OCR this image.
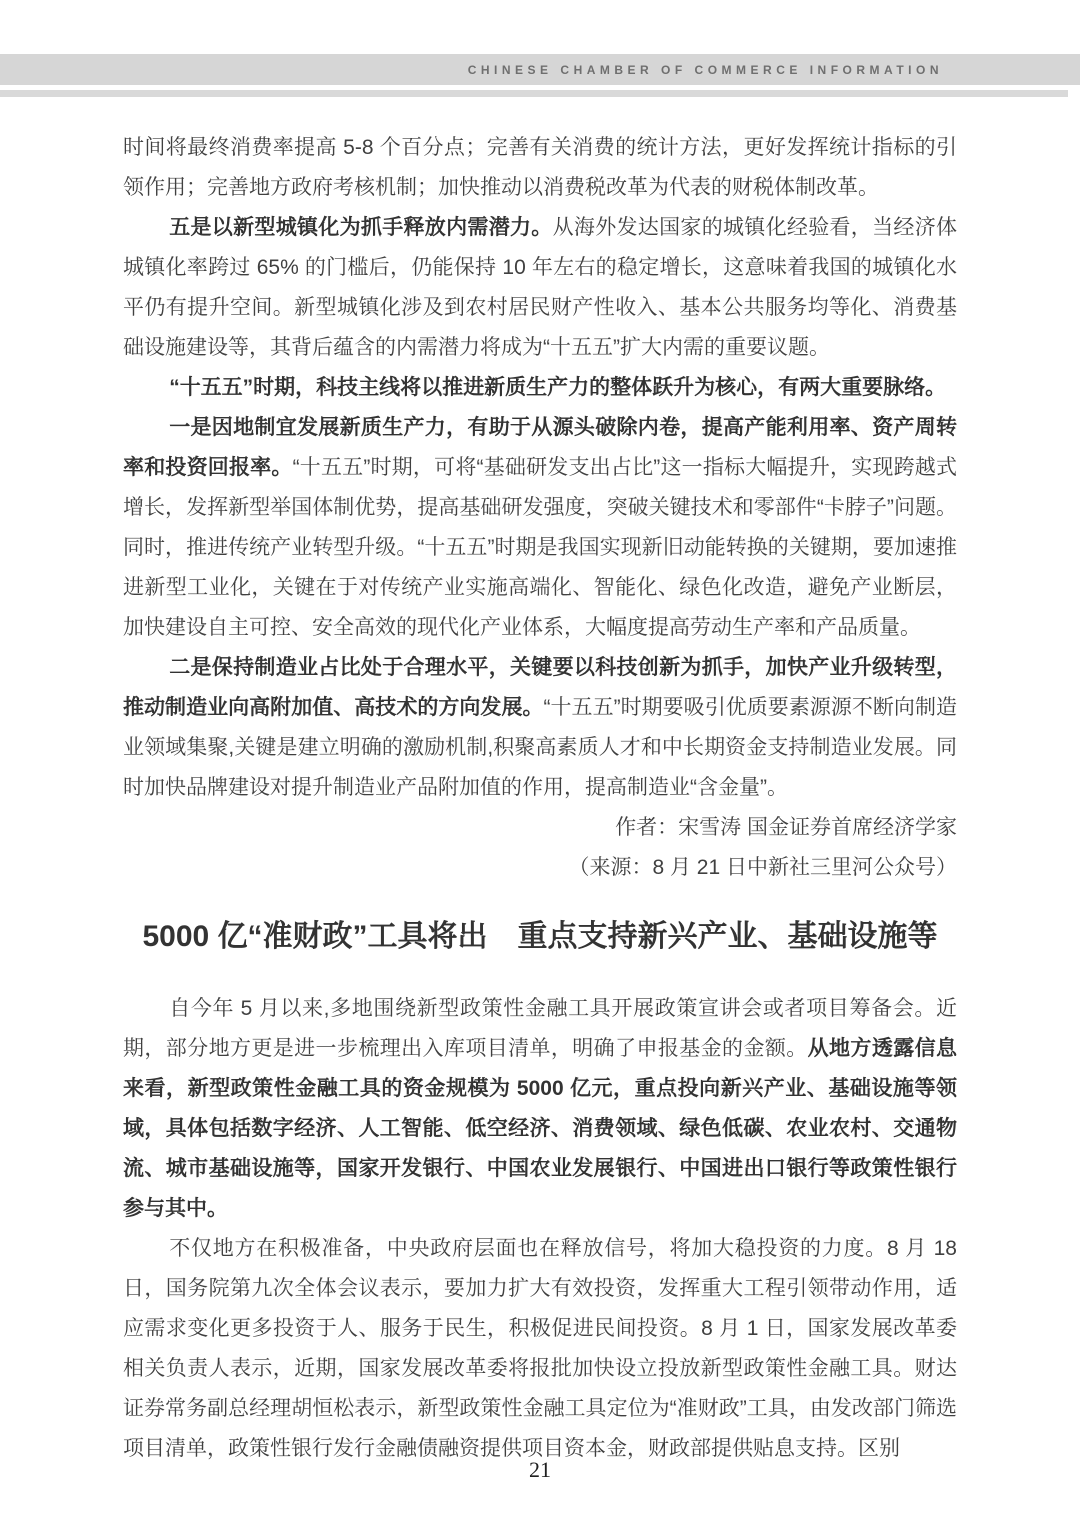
CHINESE CHAMBER OF COMMERCE INFORMATION

时间将最终消费率提高 5-8 个百分点；完善有关消费的统计方法，更好发挥统计指标的引领作用；完善地方政府考核机制；加快推动以消费税改革为代表的财税体制改革。

五是以新型城镇化为抓手释放内需潜力。从海外发达国家的城镇化经验看，当经济体城镇化率跨过 65% 的门槛后，仍能保持 10 年左右的稳定增长，这意味着我国的城镇化水平仍有提升空间。新型城镇化涉及到农村居民财产性收入、基本公共服务均等化、消费基础设施建设等，其背后蕴含的内需潜力将成为“十五五”扩大内需的重要议题。

“十五五”时期，科技主线将以推进新质生产力的整体跃升为核心，有两大重要脉络。

一是因地制宜发展新质生产力，有助于从源头破除内卷，提高产能利用率、资产周转率和投资回报率。“十五五”时期，可将“基础研发支出占比”这一指标大幅提升，实现跨越式增长，发挥新型举国体制优势，提高基础研发强度，突破关键技术和零部件“卡脖子”问题。同时，推进传统产业转型升级。“十五五”时期是我国实现新旧动能转换的关键期，要加速推进新型工业化，关键在于对传统产业实施高端化、智能化、绿色化改造，避免产业断层，加快建设自主可控、安全高效的现代化产业体系，大幅度提高劳动生产率和产品质量。

二是保持制造业占比处于合理水平，关键要以科技创新为抓手，加快产业升级转型，推动制造业向高附加值、高技术的方向发展。“十五五”时期要吸引优质要素源源不断向制造业领域集聚,关键是建立明确的激励机制,积聚高素质人才和中长期资金支持制造业发展。同时加快品牌建设对提升制造业产品附加值的作用，提高制造业“含金量”。

作者：宋雪涛 国金证券首席经济学家

（来源：8 月 21 日中新社三里河公众号）

5000 亿“准财政”工具将出　重点支持新兴产业、基础设施等

自今年 5 月以来,多地围绕新型政策性金融工具开展政策宣讲会或者项目筹备会。近期，部分地方更是进一步梳理出入库项目清单，明确了申报基金的金额。从地方透露信息来看，新型政策性金融工具的资金规模为 5000 亿元，重点投向新兴产业、基础设施等领域，具体包括数字经济、人工智能、低空经济、消费领域、绿色低碳、农业农村、交通物流、城市基础设施等，国家开发银行、中国农业发展银行、中国进出口银行等政策性银行参与其中。

不仅地方在积极准备，中央政府层面也在释放信号，将加大稳投资的力度。8 月 18 日，国务院第九次全体会议表示，要加力扩大有效投资，发挥重大工程引领带动作用，适应需求变化更多投资于人、服务于民生，积极促进民间投资。8 月 1 日，国家发展改革委相关负责人表示，近期，国家发展改革委将报批加快设立投放新型政策性金融工具。财达证券常务副总经理胡恒松表示，新型政策性金融工具定位为“准财政”工具，由发改部门筛选项目清单，政策性银行发行金融债融资提供项目资本金，财政部提供贴息支持。区别

21
